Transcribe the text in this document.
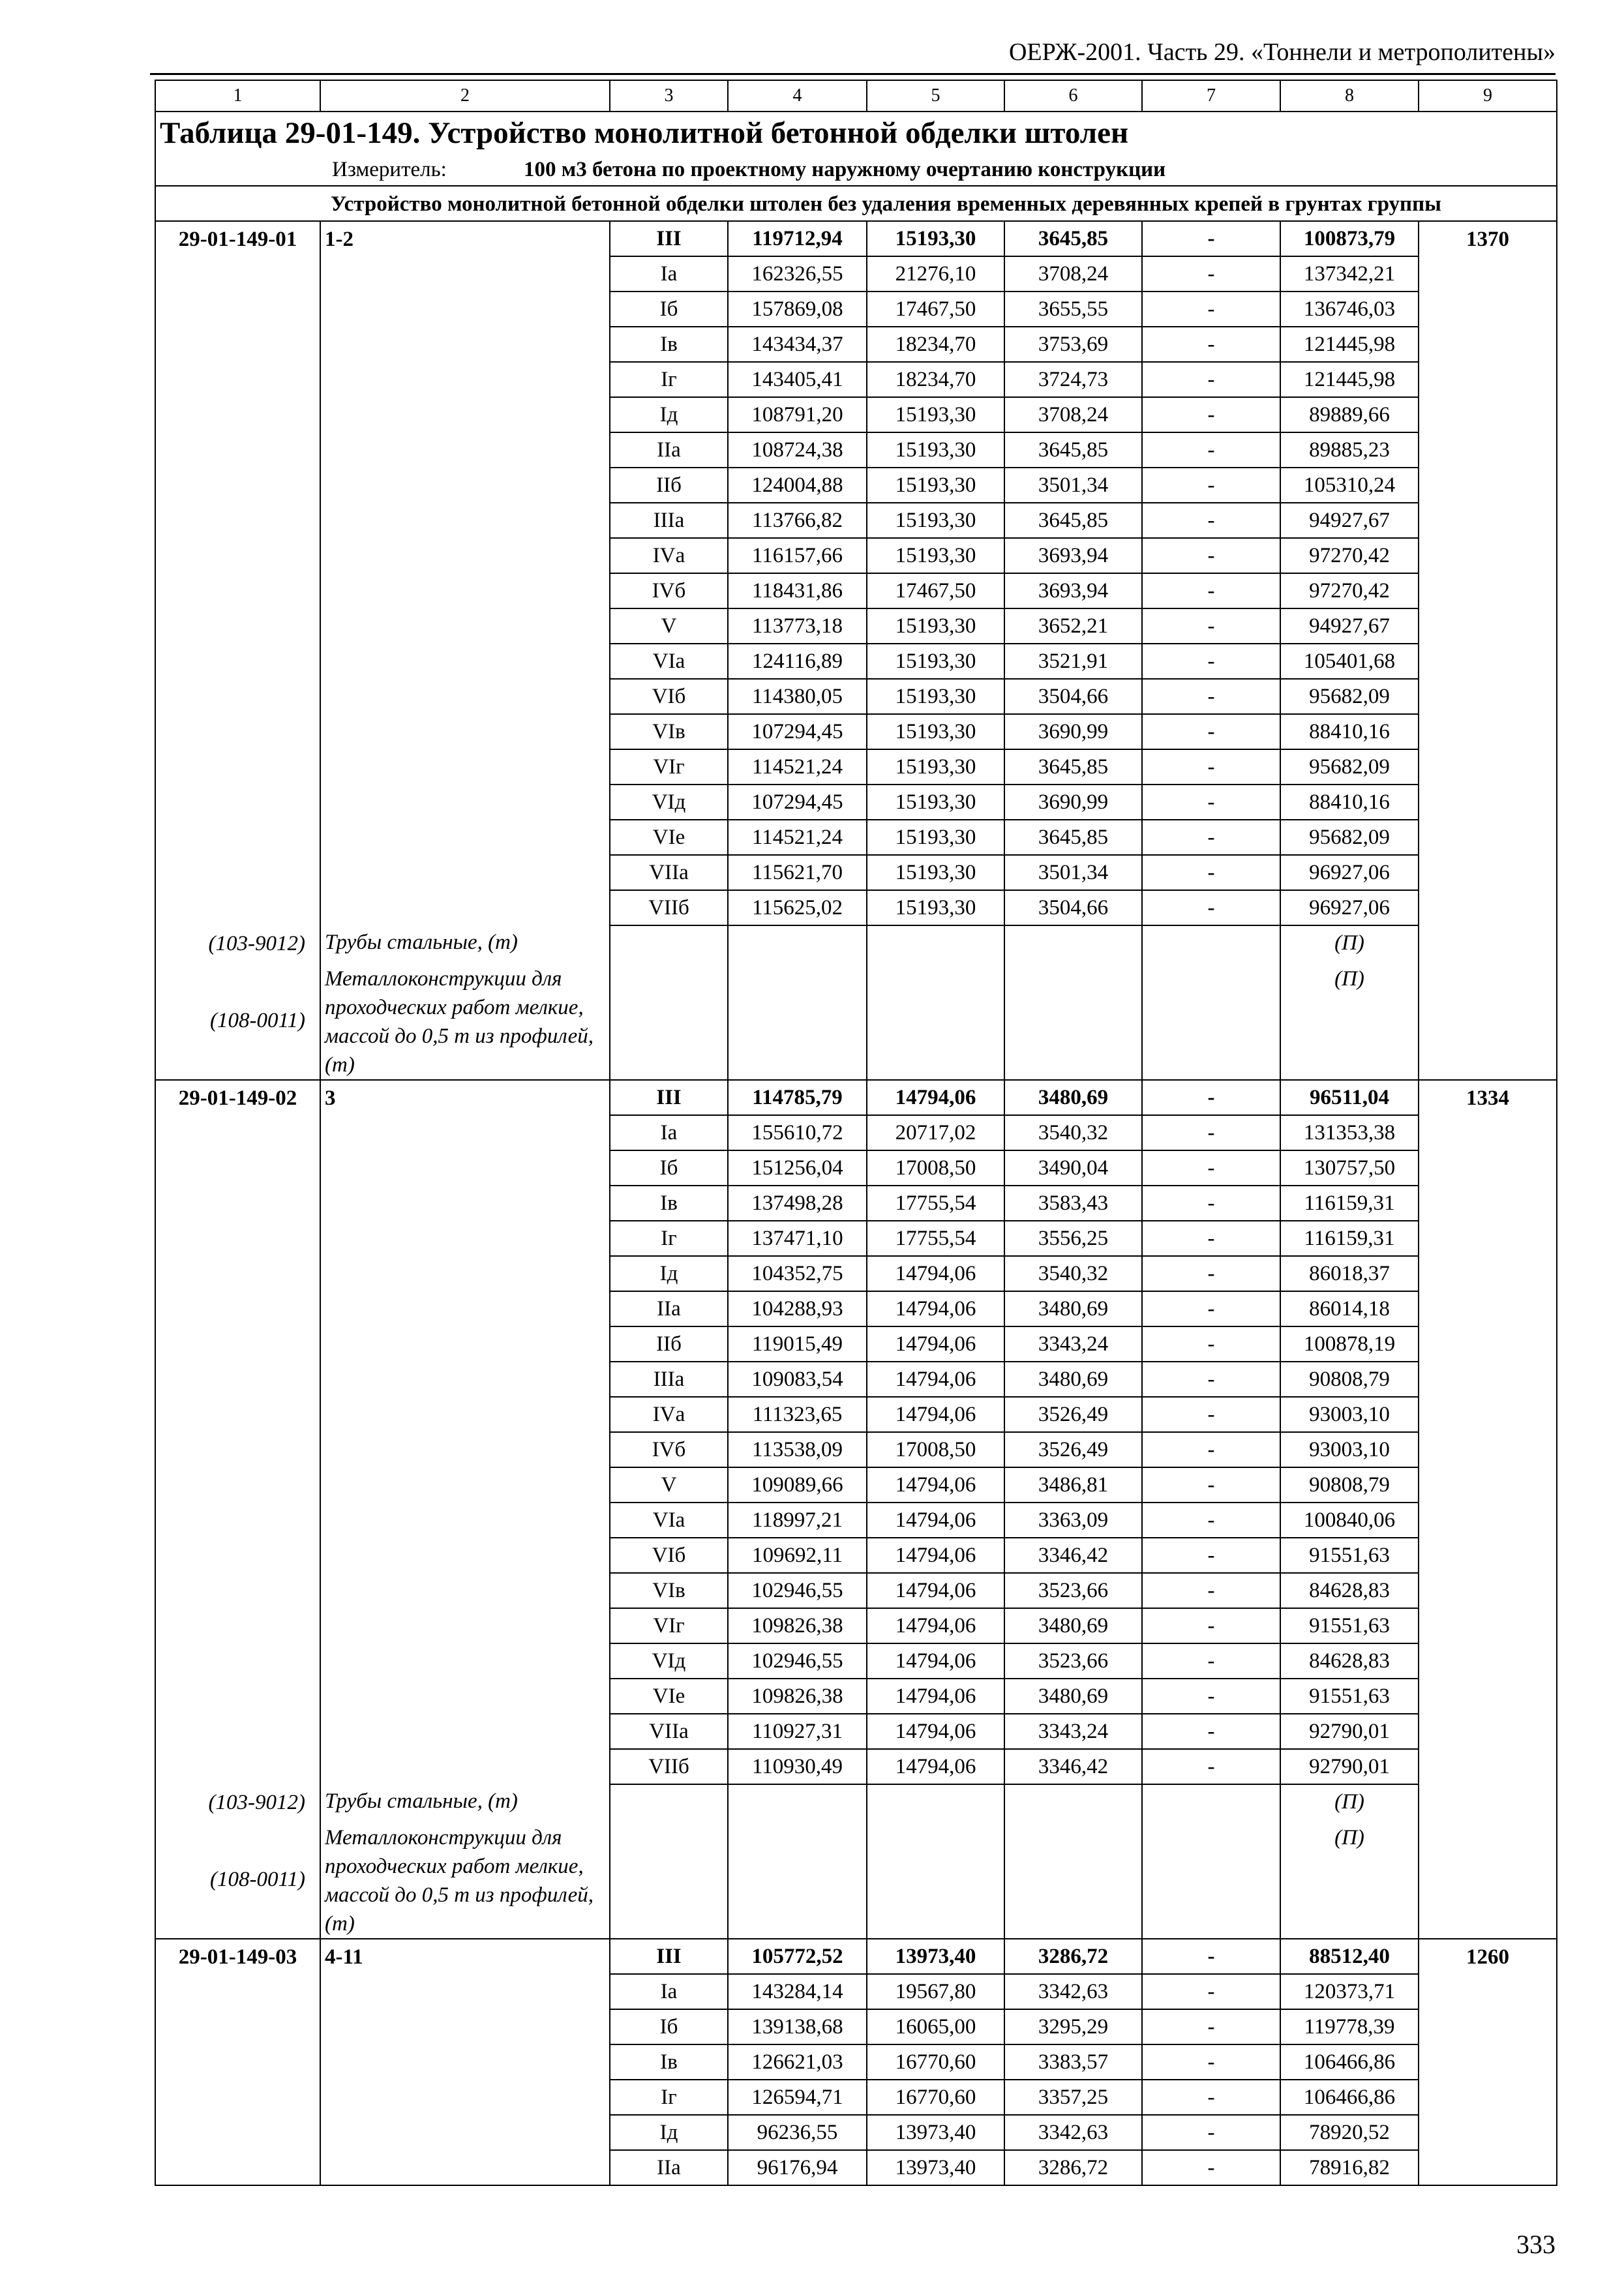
ОЕРЖ-2001. Часть 29. «Тоннели и метрополитены»
1	2	3	4	5	6	7	8	9
Таблица 29-01-149. Устройство монолитной бетонной обделки штолен								
Измеритель: 100 м3 бетона по проектному наружному очертанию конструкции								
Устройство монолитной бетонной обделки штолен без удаления временных деревянных крепей в грунтах группы								
29-01-149-01	1-2	III	119712,94	15193,30	3645,85	-	100873,79	1370
		Iа	162326,55	21276,10	3708,24	-	137342,21	
		Iб	157869,08	17467,50	3655,55	-	136746,03	
		Iв	143434,37	18234,70	3753,69	-	121445,98	
		Iг	143405,41	18234,70	3724,73	-	121445,98	
		Iд	108791,20	15193,30	3708,24	-	89889,66	
		IIа	108724,38	15193,30	3645,85	-	89885,23	
		IIб	124004,88	15193,30	3501,34	-	105310,24	
		IIIа	113766,82	15193,30	3645,85	-	94927,67	
		IVа	116157,66	15193,30	3693,94	-	97270,42	
		IVб	118431,86	17467,50	3693,94	-	97270,42	
		V	113773,18	15193,30	3652,21	-	94927,67	
		VIа	124116,89	15193,30	3521,91	-	105401,68	
		VIб	114380,05	15193,30	3504,66	-	95682,09	
		VIв	107294,45	15193,30	3690,99	-	88410,16	
		VIг	114521,24	15193,30	3645,85	-	95682,09	
		VIд	107294,45	15193,30	3690,99	-	88410,16	
		VIе	114521,24	15193,30	3645,85	-	95682,09	
		VIIа	115621,70	15193,30	3501,34	-	96927,06	
		VIIб	115625,02	15193,30	3504,66	-	96927,06	
(103-9012)	Трубы стальные, (т)						(П)	
(108-0011)	Металлоконструкции для проходческих работ мелкие, массой до 0,5 т из профилей, (т)						(П)	
29-01-149-02	3	III	114785,79	14794,06	3480,69	-	96511,04	1334
		Iа	155610,72	20717,02	3540,32	-	131353,38	
		Iб	151256,04	17008,50	3490,04	-	130757,50	
		Iв	137498,28	17755,54	3583,43	-	116159,31	
		Iг	137471,10	17755,54	3556,25	-	116159,31	
		Iд	104352,75	14794,06	3540,32	-	86018,37	
		IIа	104288,93	14794,06	3480,69	-	86014,18	
		IIб	119015,49	14794,06	3343,24	-	100878,19	
		IIIа	109083,54	14794,06	3480,69	-	90808,79	
		IVа	111323,65	14794,06	3526,49	-	93003,10	
		IVб	113538,09	17008,50	3526,49	-	93003,10	
		V	109089,66	14794,06	3486,81	-	90808,79	
		VIа	118997,21	14794,06	3363,09	-	100840,06	
		VIб	109692,11	14794,06	3346,42	-	91551,63	
		VIв	102946,55	14794,06	3523,66	-	84628,83	
		VIг	109826,38	14794,06	3480,69	-	91551,63	
		VIд	102946,55	14794,06	3523,66	-	84628,83	
		VIе	109826,38	14794,06	3480,69	-	91551,63	
		VIIа	110927,31	14794,06	3343,24	-	92790,01	
		VIIб	110930,49	14794,06	3346,42	-	92790,01	
(103-9012)	Трубы стальные, (т)						(П)	
(108-0011)	Металлоконструкции для проходческих работ мелкие, массой до 0,5 т из профилей, (т)						(П)	
29-01-149-03	4-11	III	105772,52	13973,40	3286,72	-	88512,40	1260
		Iа	143284,14	19567,80	3342,63	-	120373,71	
		Iб	139138,68	16065,00	3295,29	-	119778,39	
		Iв	126621,03	16770,60	3383,57	-	106466,86	
		Iг	126594,71	16770,60	3357,25	-	106466,86	
		Iд	96236,55	13973,40	3342,63	-	78920,52	
		IIа	96176,94	13973,40	3286,72	-	78916,82	
333
